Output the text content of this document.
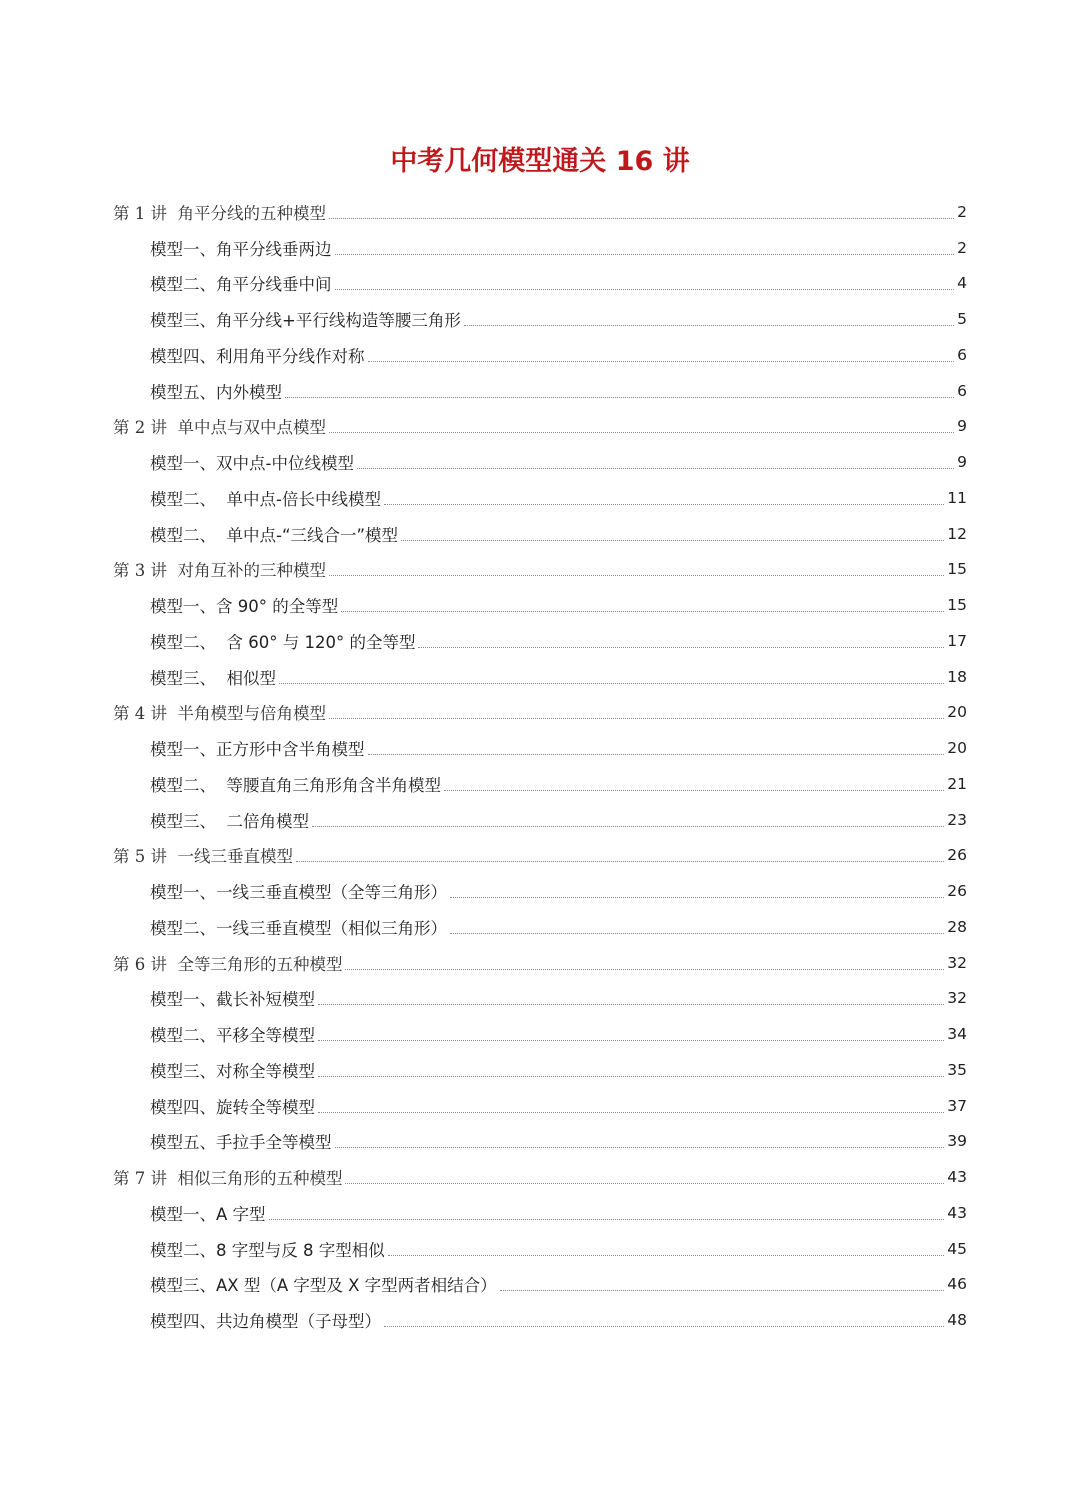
中考几何模型通关 16 讲
第 1 讲  角平分线的五种模型	2
模型一、角平分线垂两边	2
模型二、角平分线垂中间	4
模型三、角平分线+平行线构造等腰三角形	5
模型四、利用角平分线作对称	6
模型五、内外模型	6
第 2 讲  单中点与双中点模型	9
模型一、双中点-中位线模型	9
模型二、  单中点-倍长中线模型	11
模型二、  单中点-“三线合一”模型	12
第 3 讲  对角互补的三种模型	15
模型一、含 90° 的全等型	15
模型二、  含 60° 与 120° 的全等型	17
模型三、  相似型	18
第 4 讲  半角模型与倍角模型	20
模型一、正方形中含半角模型	20
模型二、  等腰直角三角形角含半角模型	21
模型三、  二倍角模型	23
第 5 讲  一线三垂直模型	26
模型一、一线三垂直模型（全等三角形）	26
模型二、一线三垂直模型（相似三角形）	28
第 6 讲  全等三角形的五种模型	32
模型一、截长补短模型	32
模型二、平移全等模型	34
模型三、对称全等模型	35
模型四、旋转全等模型	37
模型五、手拉手全等模型	39
第 7 讲  相似三角形的五种模型	43
模型一、A 字型	43
模型二、8 字型与反 8 字型相似	45
模型三、AX 型（A 字型及 X 字型两者相结合）	46
模型四、共边角模型（子母型）	48
